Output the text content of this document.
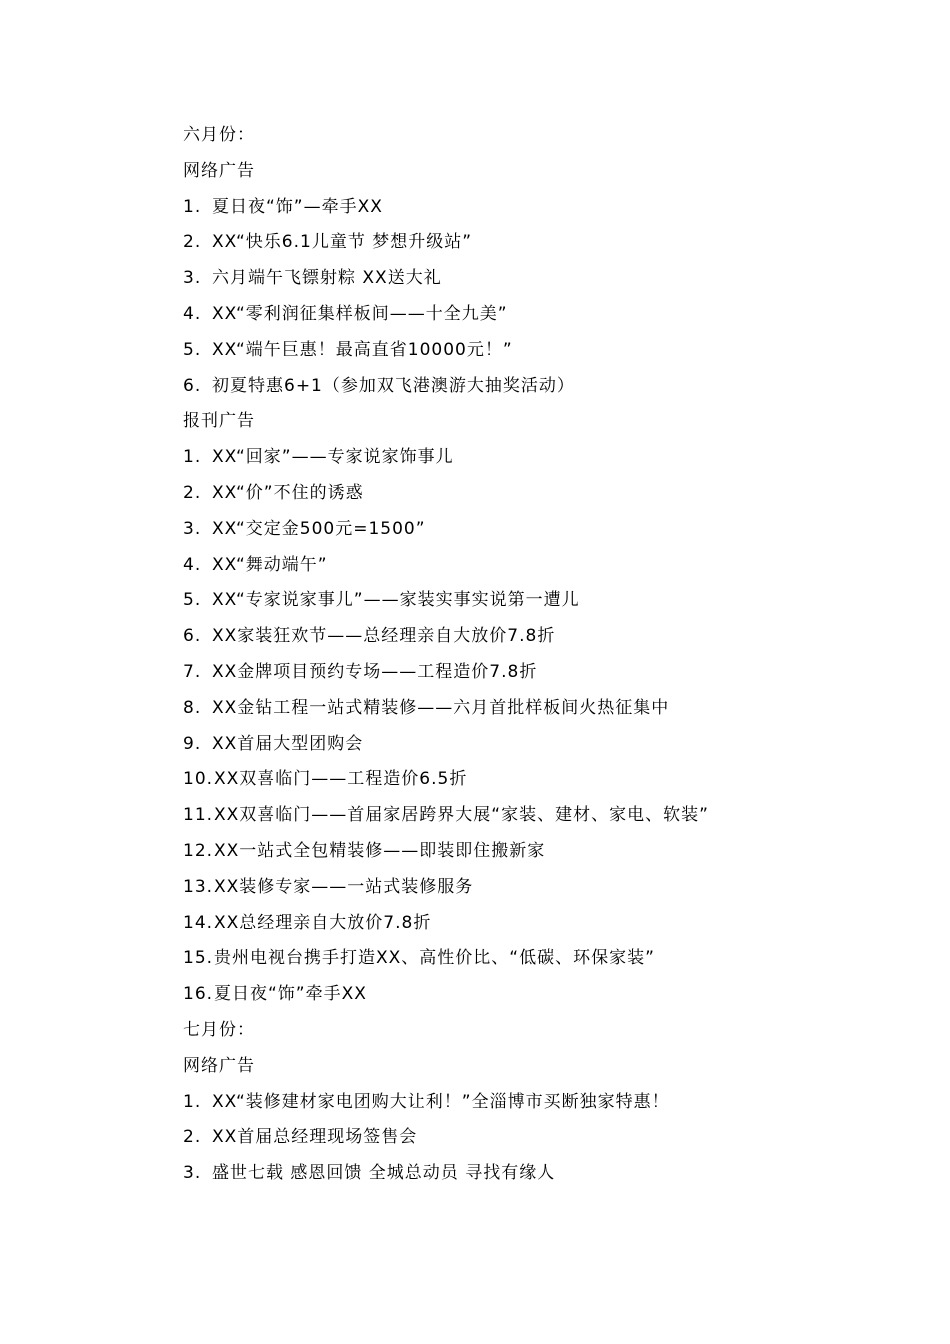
六月份：
网络广告
1. 夏日夜“饰”—牵手XX
2. XX“快乐6.1儿童节 梦想升级站”
3. 六月端午飞镖射粽 XX送大礼
4. XX“零利润征集样板间——十全九美”
5. XX“端午巨惠！最高直省10000元！”
6. 初夏特惠6+1（参加双飞港澳游大抽奖活动）
报刊广告
1. XX“回家”——专家说家饰事儿
2. XX“价”不住的诱惑
3. XX“交定金500元=1500”
4. XX“舞动端午”
5. XX“专家说家事儿”——家装实事实说第一遭儿
6. XX家装狂欢节——总经理亲自大放价7.8折
7. XX金牌项目预约专场——工程造价7.8折
8. XX金钻工程一站式精装修——六月首批样板间火热征集中
9. XX首届大型团购会
10. XX双喜临门——工程造价6.5折
11. XX双喜临门——首届家居跨界大展“家装、建材、家电、软装”
12. XX一站式全包精装修——即装即住搬新家
13. XX装修专家——一站式装修服务
14. XX总经理亲自大放价7.8折
15. 贵州电视台携手打造XX、高性价比、“低碳、环保家装”
16. 夏日夜“饰”牵手XX
七月份：
网络广告
1. XX“装修建材家电团购大让利！”全淄博市买断独家特惠！
2. XX首届总经理现场签售会
3. 盛世七载 感恩回馈 全城总动员 寻找有缘人
